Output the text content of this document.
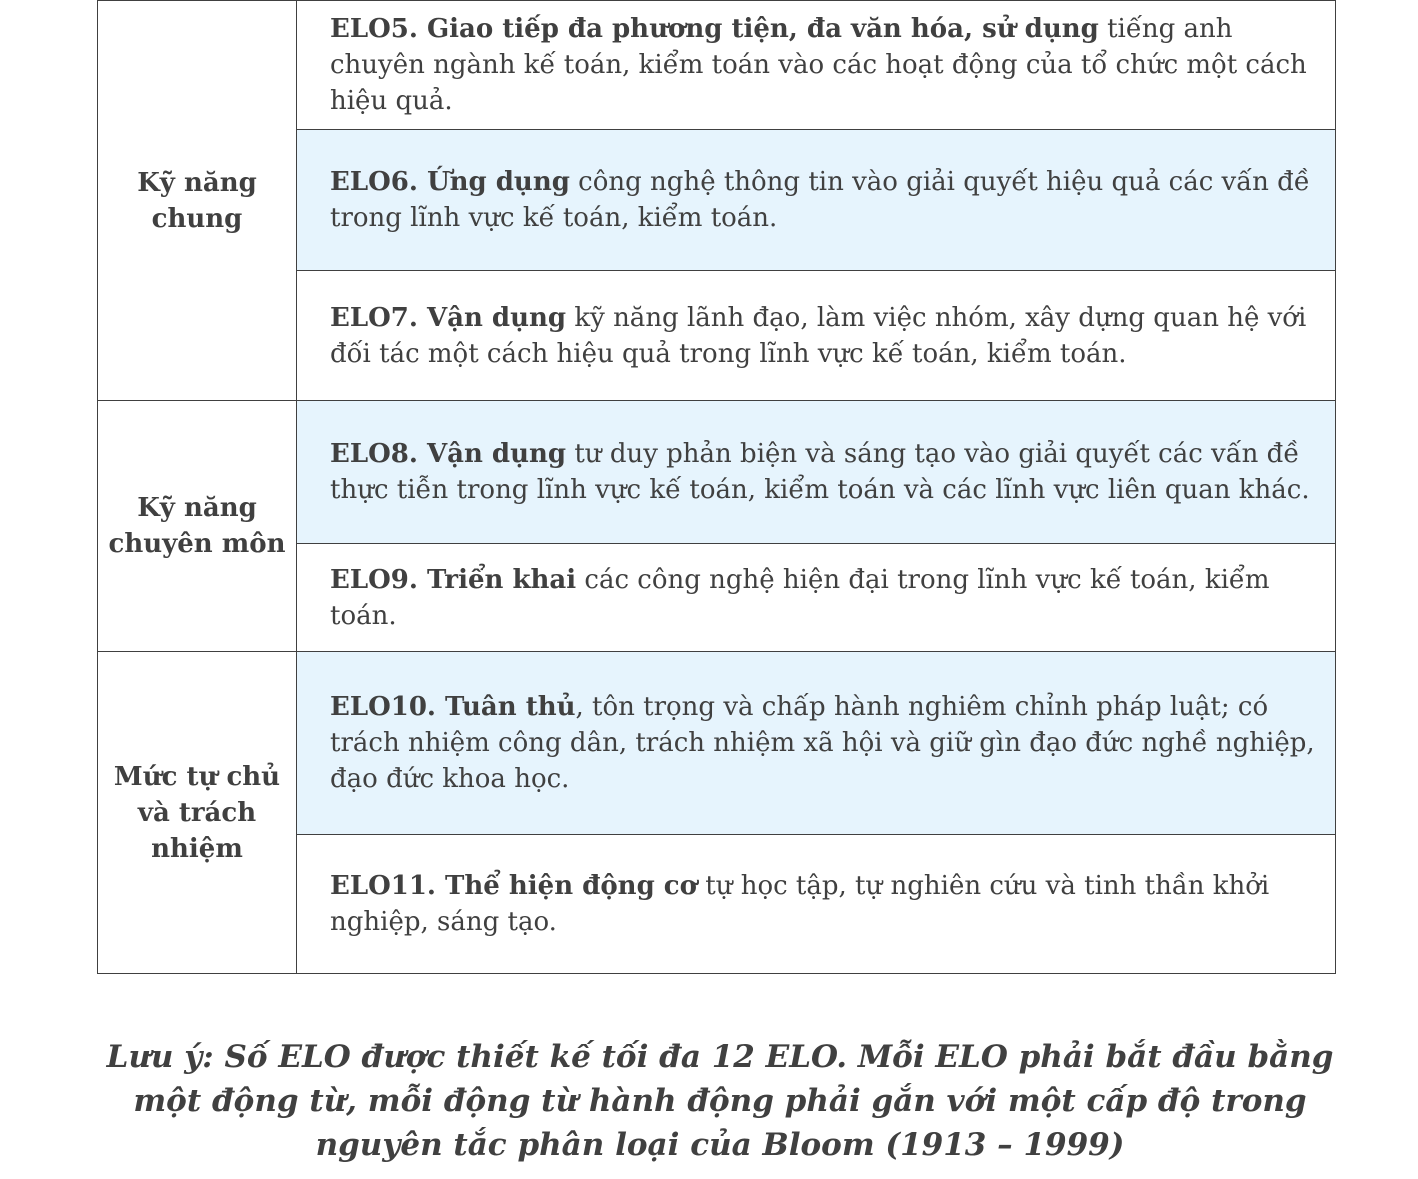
Kỹ năng chung	ELO5. Giao tiếp đa phương tiện, đa văn hóa, sử dụng tiếng anh chuyên ngành kế toán, kiểm toán vào các hoạt động của tổ chức một cách hiệu quả.
	ELO6. Ứng dụng công nghệ thông tin vào giải quyết hiệu quả các vấn đề trong lĩnh vực kế toán, kiểm toán.
	ELO7. Vận dụng kỹ năng lãnh đạo, làm việc nhóm, xây dựng quan hệ với đối tác một cách hiệu quả trong lĩnh vực kế toán, kiểm toán.
Kỹ năng chuyên môn	ELO8. Vận dụng tư duy phản biện và sáng tạo vào giải quyết các vấn đề thực tiễn trong lĩnh vực kế toán, kiểm toán và các lĩnh vực liên quan khác.
	ELO9. Triển khai các công nghệ hiện đại trong lĩnh vực kế toán, kiểm toán.
Mức tự chủ và trách nhiệm	ELO10. Tuân thủ, tôn trọng và chấp hành nghiêm chỉnh pháp luật; có trách nhiệm công dân, trách nhiệm xã hội và giữ gìn đạo đức nghề nghiệp, đạo đức khoa học.
	ELO11. Thể hiện động cơ tự học tập, tự nghiên cứu và tinh thần khởi nghiệp, sáng tạo.
Lưu ý: Số ELO được thiết kế tối đa 12 ELO. Mỗi ELO phải bắt đầu bằng một động từ, mỗi động từ hành động phải gắn với một cấp độ trong nguyên tắc phân loại của Bloom (1913 – 1999)
